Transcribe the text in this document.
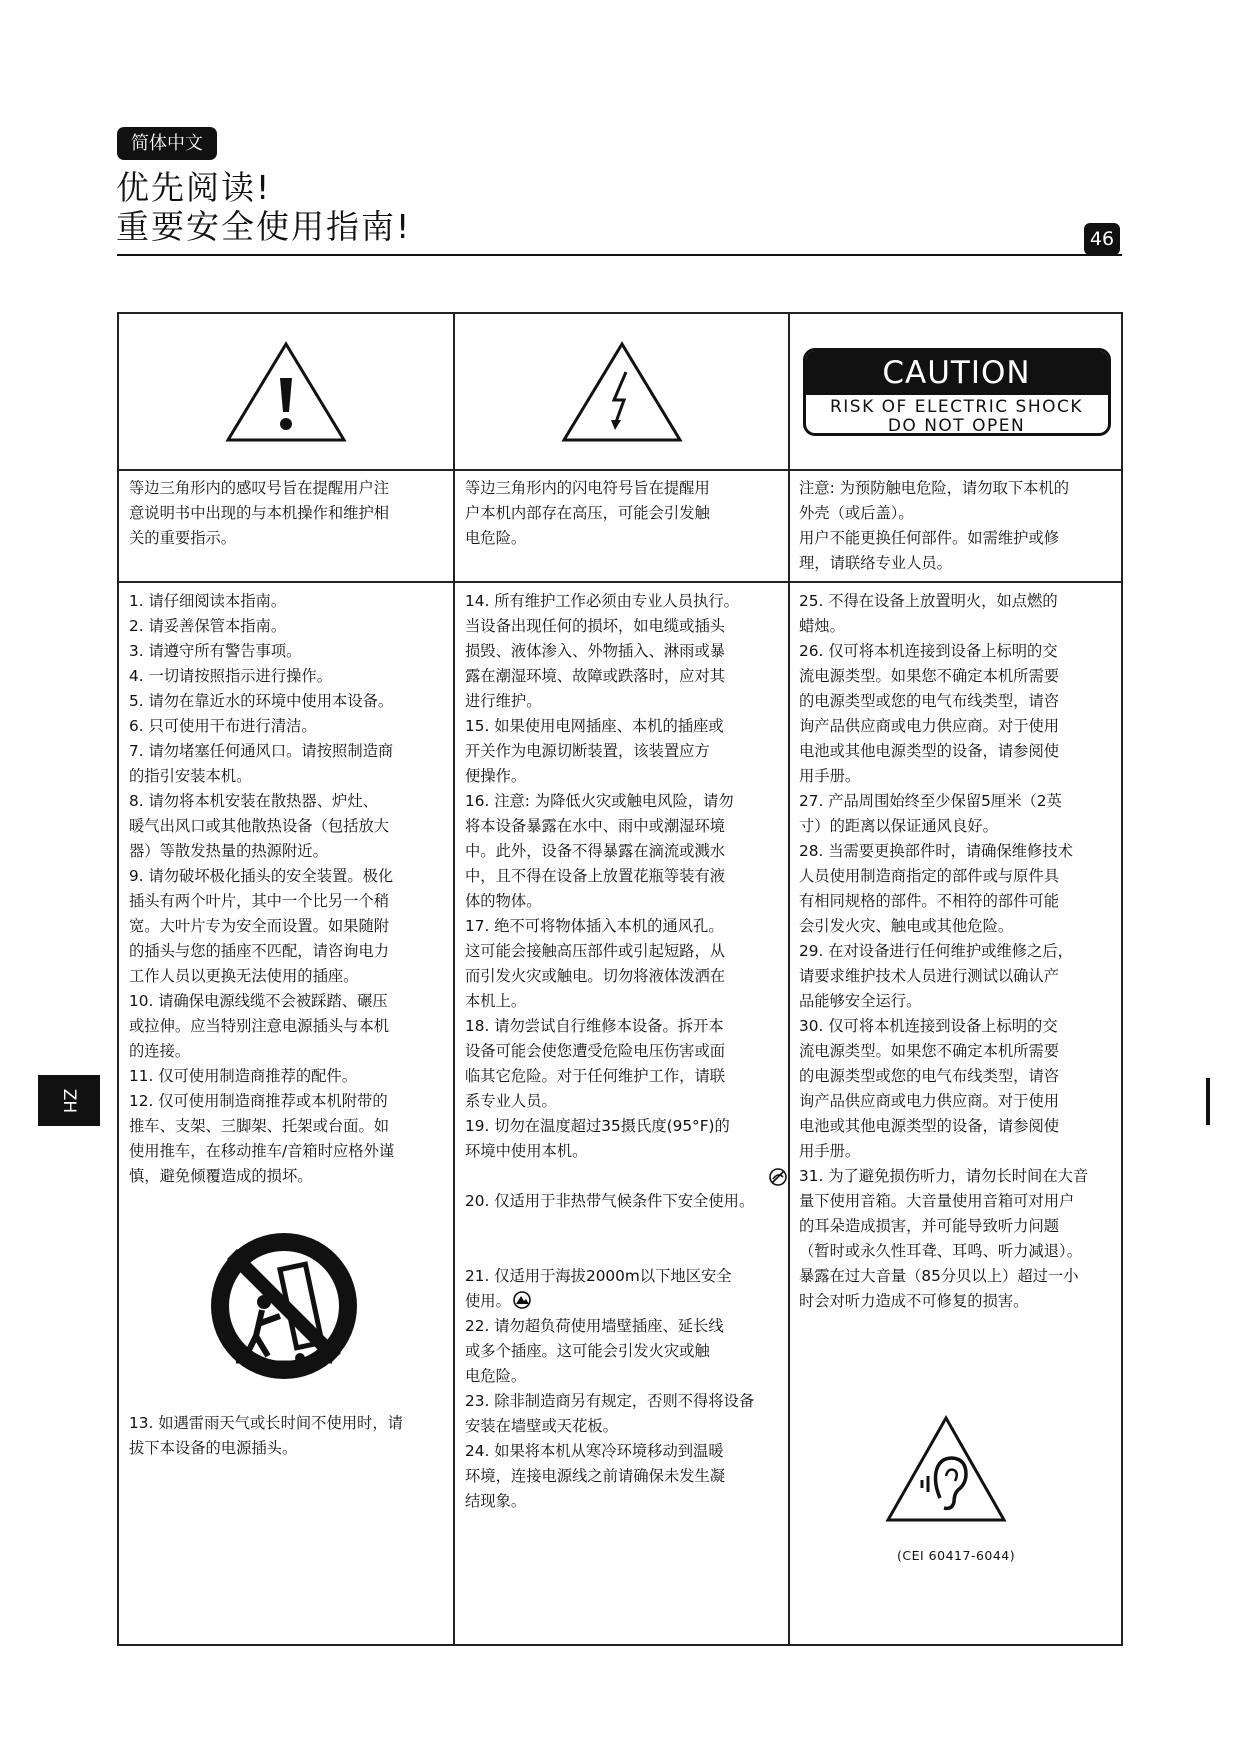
简体中文
优先阅读!
重要安全使用指南!	46
CAUTION
RISK OF ELECTRIC SHOCK
DO NOT OPEN

等边三角形内的感叹号旨在提醒用户注
意说明书中出现的与本机操作和维护相
关的重要指示。

等边三角形内的闪电符号旨在提醒用
户本机内部存在高压，可能会引发触
电危险。

注意: 为预防触电危险，请勿取下本机的
外壳（或后盖）。
用户不能更换任何部件。如需维护或修
理，请联络专业人员。

1. 请仔细阅读本指南。

2. 请妥善保管本指南。

3. 请遵守所有警告事项。

4. 一切请按照指示进行操作。

5. 请勿在靠近水的环境中使用本设备。

6. 只可使用干布进行清洁。

7. 请勿堵塞任何通风口。请按照制造商
的指引安装本机。

8. 请勿将本机安装在散热器、炉灶、
暖气出风口或其他散热设备（包括放大
器）等散发热量的热源附近。

9. 请勿破坏极化插头的安全装置。极化
插头有两个叶片，其中一个比另一个稍
宽。大叶片专为安全而设置。如果随附
的插头与您的插座不匹配，请咨询电力
工作人员以更换无法使用的插座。

10. 请确保电源线缆不会被踩踏、碾压
或拉伸。应当特别注意电源插头与本机
的连接。

11. 仅可使用制造商推荐的配件。

12. 仅可使用制造商推荐或本机附带的
推车、支架、三脚架、托架或台面。如
使用推车，在移动推车/音箱时应格外谨
慎，避免倾覆造成的损坏。

13. 如遇雷雨天气或长时间不使用时，请
拔下本设备的电源插头。

14. 所有维护工作必须由专业人员执行。
当设备出现任何的损坏，如电缆或插头
损毁、液体渗入、外物插入、淋雨或暴
露在潮湿环境、故障或跌落时，应对其
进行维护。

15. 如果使用电网插座、本机的插座或
开关作为电源切断装置，该装置应方
便操作。

16. 注意: 为降低火灾或触电风险，请勿
将本设备暴露在水中、雨中或潮湿环境
中。此外，设备不得暴露在滴流或溅水
中，且不得在设备上放置花瓶等装有液
体的物体。

17. 绝不可将物体插入本机的通风孔。
这可能会接触高压部件或引起短路，从
而引发火灾或触电。切勿将液体泼洒在
本机上。

18. 请勿尝试自行维修本设备。拆开本
设备可能会使您遭受危险电压伤害或面
临其它危险。对于任何维护工作，请联
系专业人员。

19. 切勿在温度超过35摄氏度(95°F)的
环境中使用本机。

20. 仅适用于非热带气候条件下安全使用。

21. 仅适用于海拔2000m以下地区安全
使用。

22. 请勿超负荷使用墙壁插座、延长线
或多个插座。这可能会引发火灾或触
电危险。

23. 除非制造商另有规定，否则不得将设备
安装在墙壁或天花板。

24. 如果将本机从寒冷环境移动到温暖
环境，连接电源线之前请确保未发生凝
结现象。

25. 不得在设备上放置明火，如点燃的
蜡烛。

26. 仅可将本机连接到设备上标明的交
流电源类型。如果您不确定本机所需要
的电源类型或您的电气布线类型，请咨
询产品供应商或电力供应商。对于使用
电池或其他电源类型的设备，请参阅使
用手册。

27. 产品周围始终至少保留5厘米（2英
寸）的距离以保证通风良好。

28. 当需要更换部件时，请确保维修技术
人员使用制造商指定的部件或与原件具
有相同规格的部件。不相符的部件可能
会引发火灾、触电或其他危险。

29. 在对设备进行任何维护或维修之后，
请要求维护技术人员进行测试以确认产
品能够安全运行。

30. 仅可将本机连接到设备上标明的交
流电源类型。如果您不确定本机所需要
的电源类型或您的电气布线类型，请咨
询产品供应商或电力供应商。对于使用
电池或其他电源类型的设备，请参阅使
用手册。

31. 为了避免损伤听力，请勿长时间在大音
量下使用音箱。大音量使用音箱可对用户
的耳朵造成损害，并可能导致听力问题
（暂时或永久性耳聋、耳鸣、听力减退）。
暴露在过大音量（85分贝以上）超过一小
时会对听力造成不可修复的损害。

(CEI 60417-6044)
ZH
